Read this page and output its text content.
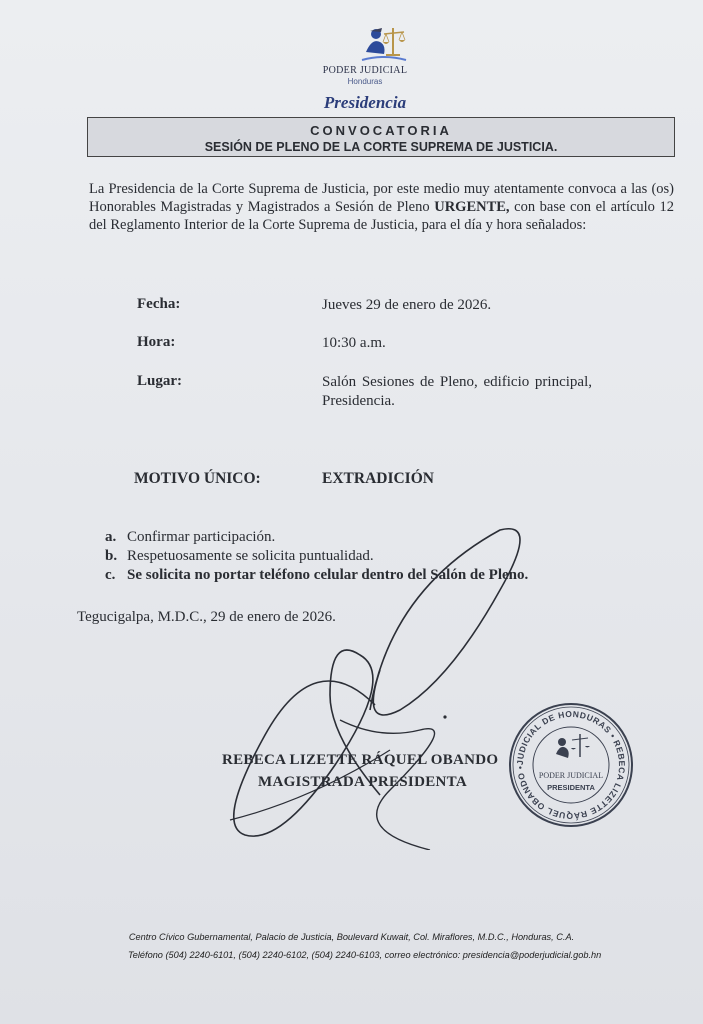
PODER JUDICIAL
Honduras
Presidencia
CONVOCATORIA
SESIÓN DE PLENO DE LA CORTE SUPREMA DE JUSTICIA.
La Presidencia de la Corte Suprema de Justicia, por este medio muy atentamente convoca a las (os) Honorables Magistradas y Magistrados a Sesión de Pleno URGENTE, con base con el artículo 12 del Reglamento Interior de la Corte Suprema de Justicia, para el día y hora señalados:
Fecha:	Jueves 29 de enero de 2026.
Hora:	10:30 a.m.
Lugar:	Salón Sesiones de Pleno, edificio principal, Presidencia.
MOTIVO ÚNICO:	EXTRADICIÓN
a. Confirmar participación.
b. Respetuosamente se solicita puntualidad.
c. Se solicita no portar teléfono celular dentro del Salón de Pleno.
Tegucigalpa, M.D.C., 29 de enero de 2026.
REBECA LIZETTE RÁQUEL OBANDO
MAGISTRADA PRESIDENTA
JUDICIAL DE HONDURAS • REBECA LIZETTE RÁQUEL OBANDO •
PODER JUDICIAL
PRESIDENTA
Centro Cívico Gubernamental, Palacio de Justicia, Boulevard Kuwait, Col. Miraflores, M.D.C., Honduras, C.A.
Teléfono (504) 2240-6101, (504) 2240-6102, (504) 2240-6103, correo electrónico: presidencia@poderjudicial.gob.hn
